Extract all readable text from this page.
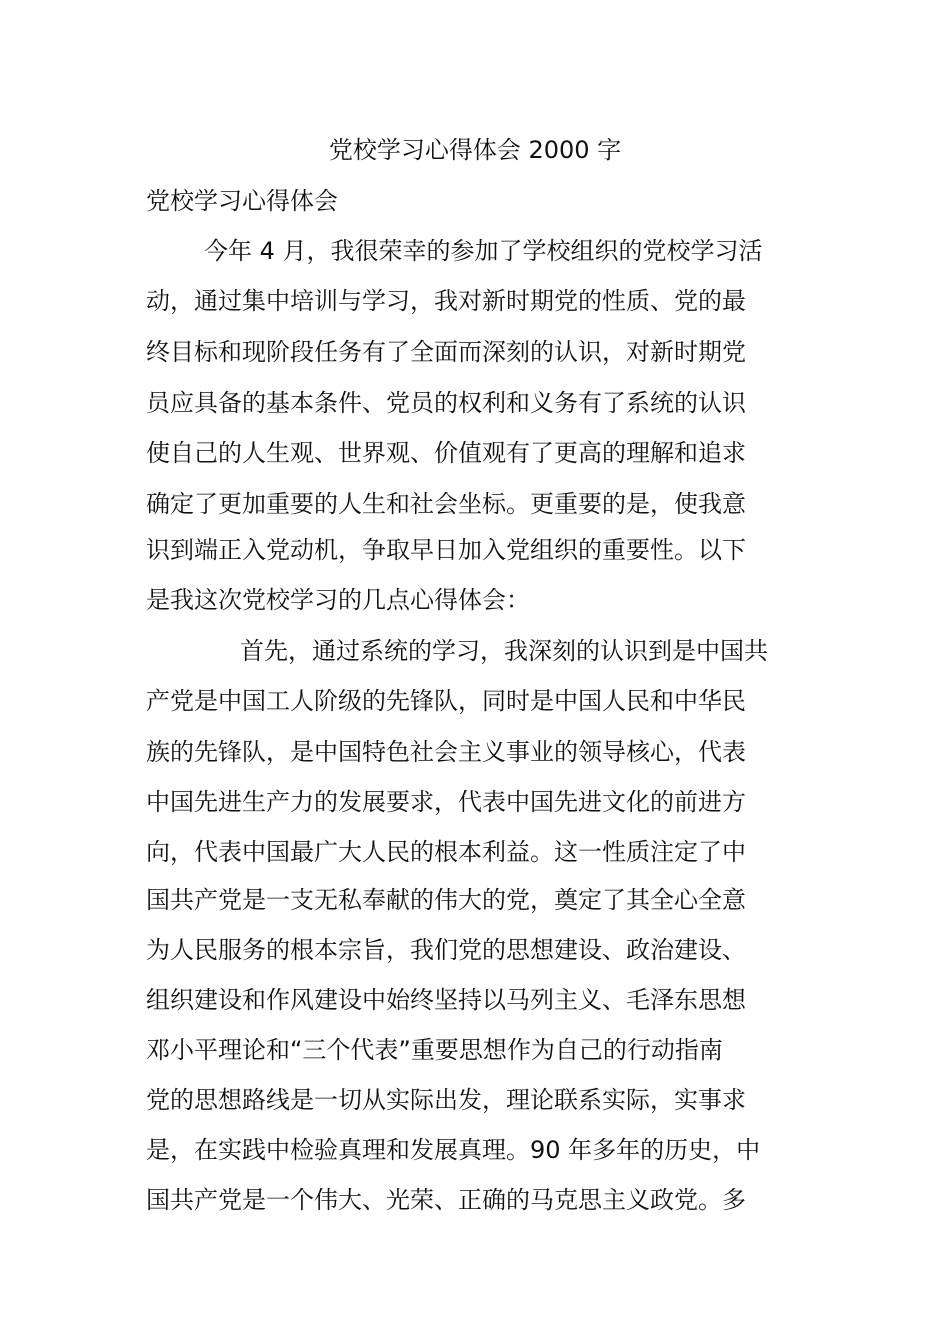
党校学习心得体会 2000 字
党校学习心得体会
今年 4 月，我很荣幸的参加了学校组织的党校学习活
动，通过集中培训与学习，我对新时期党的性质、党的最
终目标和现阶段任务有了全面而深刻的认识，对新时期党
员应具备的基本条件、党员的权利和义务有了系统的认识
使自己的人生观、世界观、价值观有了更高的理解和追求
确定了更加重要的人生和社会坐标。更重要的是，使我意
识到端正入党动机，争取早日加入党组织的重要性。以下
是我这次党校学习的几点心得体会：
首先，通过系统的学习，我深刻的认识到是中国共
产党是中国工人阶级的先锋队，同时是中国人民和中华民
族的先锋队，是中国特色社会主义事业的领导核心，代表
中国先进生产力的发展要求，代表中国先进文化的前进方
向，代表中国最广大人民的根本利益。这一性质注定了中
国共产党是一支无私奉献的伟大的党，奠定了其全心全意
为人民服务的根本宗旨，我们党的思想建设、政治建设、
组织建设和作风建设中始终坚持以马列主义、毛泽东思想
邓小平理论和“三个代表”重要思想作为自己的行动指南
党的思想路线是一切从实际出发，理论联系实际，实事求
是，在实践中检验真理和发展真理。90 年多年的历史，中
国共产党是一个伟大、光荣、正确的马克思主义政党。多
